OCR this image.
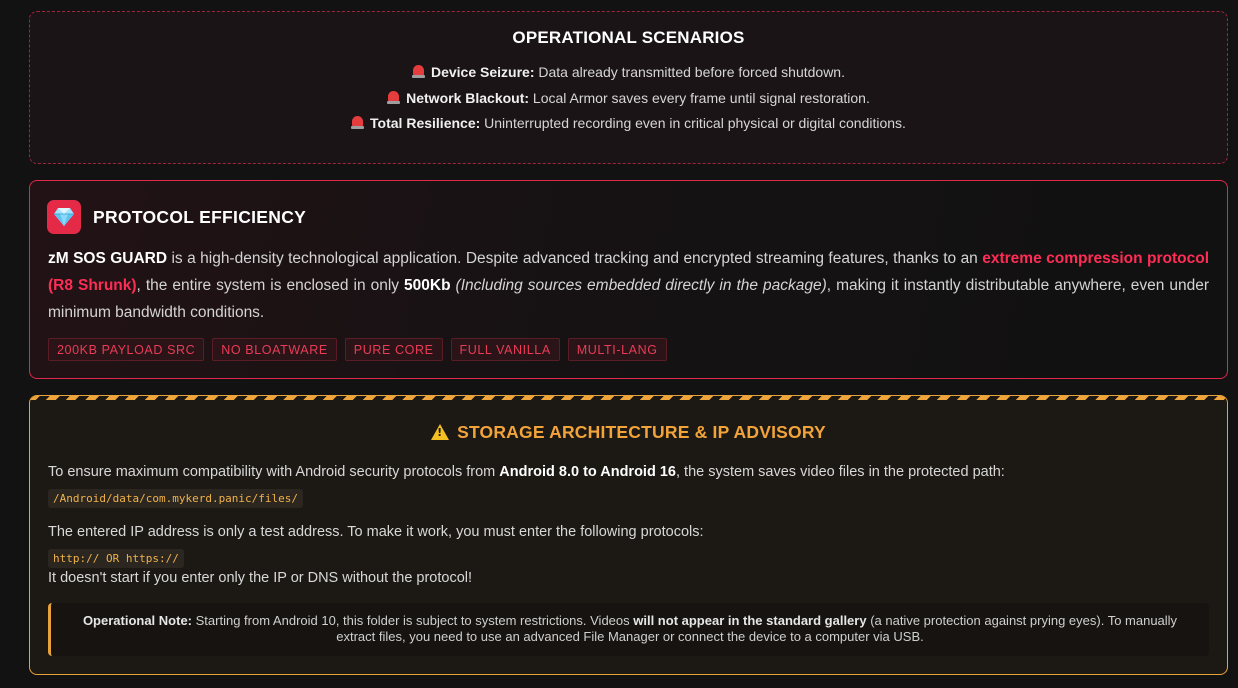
OPERATIONAL SCENARIOS
Device Seizure: Data already transmitted before forced shutdown.
Network Blackout: Local Armor saves every frame until signal restoration.
Total Resilience: Uninterrupted recording even in critical physical or digital conditions.
PROTOCOL EFFICIENCY
zM SOS GUARD is a high-density technological application. Despite advanced tracking and encrypted streaming features, thanks to an extreme compression protocol (R8 Shrunk), the entire system is enclosed in only 500Kb (Including sources embedded directly in the package), making it instantly distributable anywhere, even under minimum bandwidth conditions.
200KB PAYLOAD SRC	NO BLOATWARE	PURE CORE	FULL VANILLA	MULTI-LANG
!STORAGE ARCHITECTURE & IP ADVISORY
To ensure maximum compatibility with Android security protocols from Android 8.0 to Android 16, the system saves video files in the protected path:
/Android/data/com.mykerd.panic/files/
The entered IP address is only a test address. To make it work, you must enter the following protocols:
http:// OR https://
It doesn't start if you enter only the IP or DNS without the protocol!
Operational Note: Starting from Android 10, this folder is subject to system restrictions. Videos will not appear in the standard gallery (a native protection against prying eyes). To manually extract files, you need to use an advanced File Manager or connect the device to a computer via USB.
